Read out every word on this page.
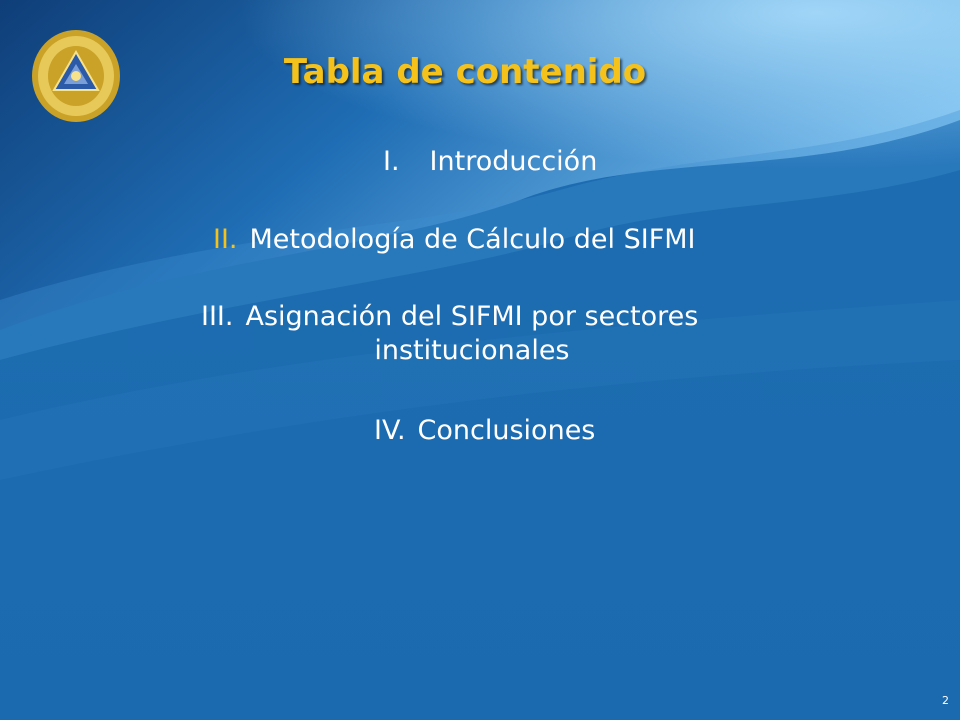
Tabla de contenido
I. Introducción
II. Metodología de Cálculo del SIFMI
III. Asignación del SIFMI por sectores
institucionales
IV. Conclusiones
2
